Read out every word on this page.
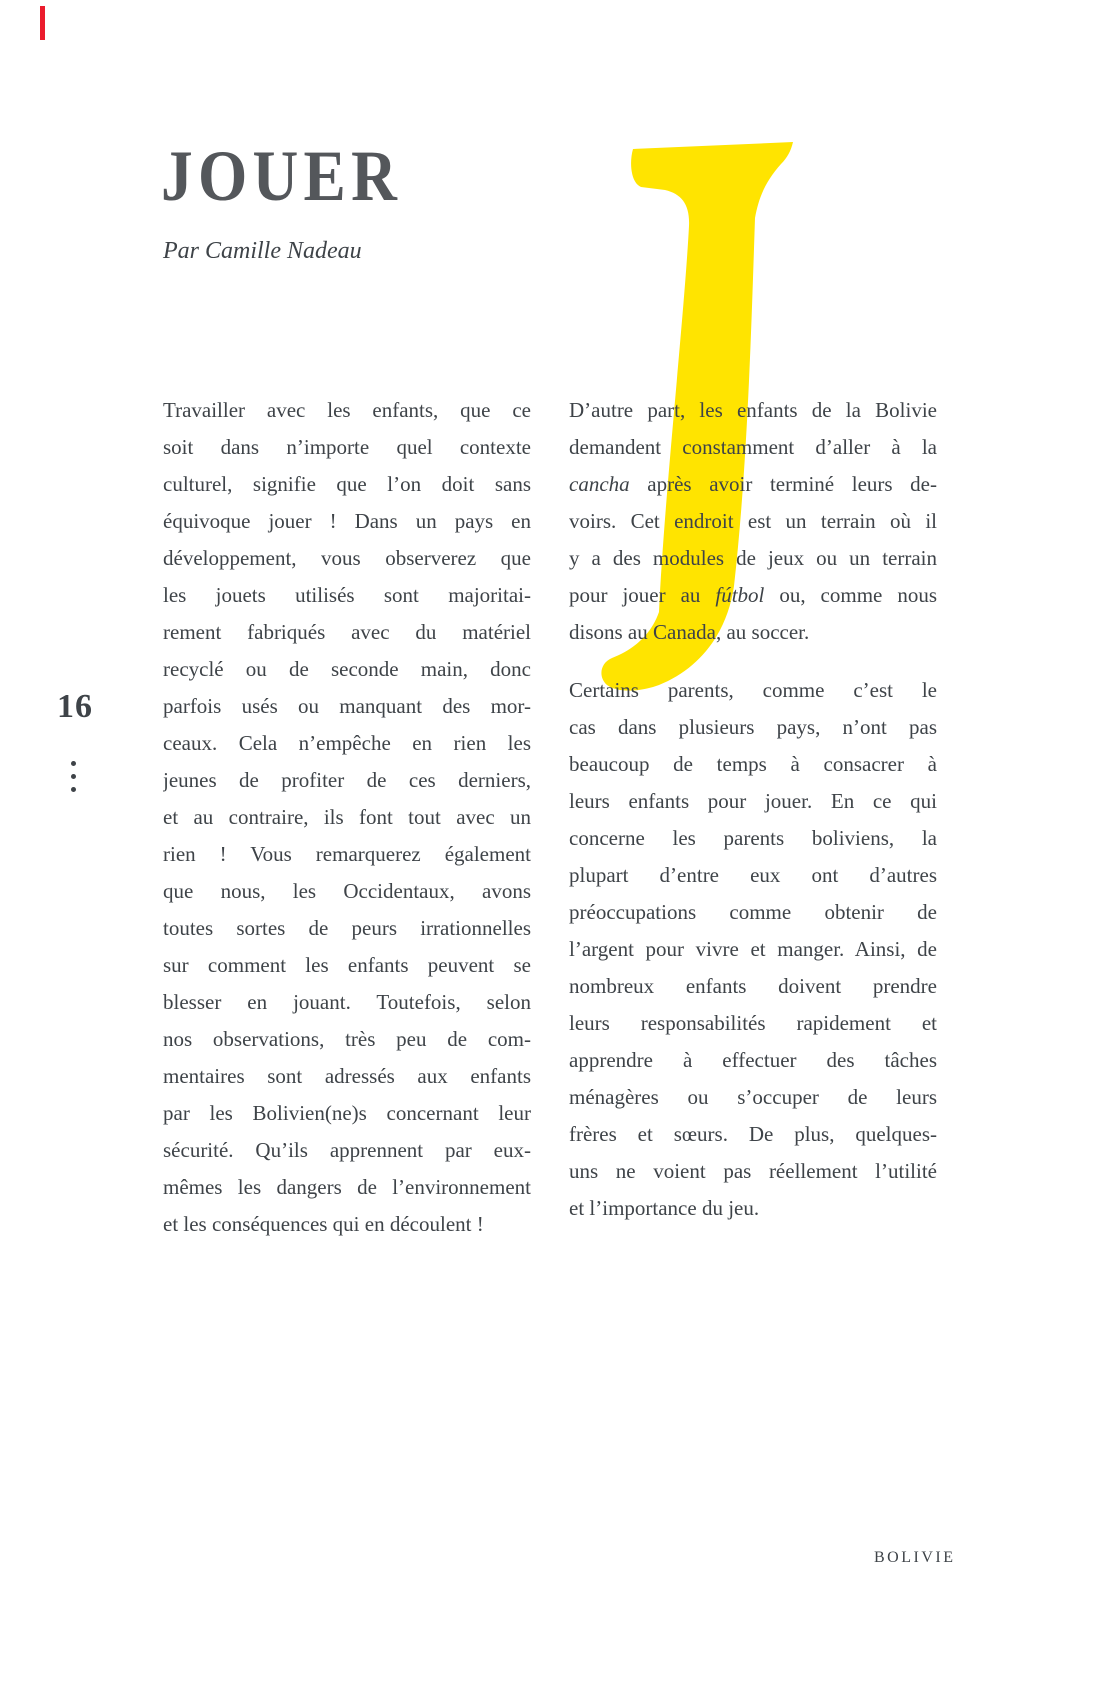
JOUER
Par Camille Nadeau
Travailler avec les enfants, que ce
soit dans n’importe quel contexte
culturel, signifie que l’on doit sans
équivoque jouer ! Dans un pays en
développement, vous observerez que
les jouets utilisés sont majoritai-
rement fabriqués avec du matériel
recyclé ou de seconde main, donc
parfois usés ou manquant des mor-
ceaux. Cela n’empêche en rien les
jeunes de profiter de ces derniers,
et au contraire, ils font tout avec un
rien ! Vous remarquerez également
que nous, les Occidentaux, avons
toutes sortes de peurs irrationnelles
sur comment les enfants peuvent se
blesser en jouant. Toutefois, selon
nos observations, très peu de com-
mentaires sont adressés aux enfants
par les Bolivien(ne)s concernant leur
sécurité. Qu’ils apprennent par eux-
mêmes les dangers de l’environnement
et les conséquences qui en découlent !
D’autre part, les enfants de la Bolivie
demandent constamment d’aller à la
cancha après avoir terminé leurs de-
voirs. Cet endroit est un terrain où il
y a des modules de jeux ou un terrain
pour jouer au fútbol ou, comme nous
disons au Canada, au soccer.
Certains parents, comme c’est le
cas dans plusieurs pays, n’ont pas
beaucoup de temps à consacrer à
leurs enfants pour jouer. En ce qui
concerne les parents boliviens, la
plupart d’entre eux ont d’autres
préoccupations comme obtenir de
l’argent pour vivre et manger. Ainsi, de
nombreux enfants doivent prendre
leurs responsabilités rapidement et
apprendre à effectuer des tâches
ménagères ou s’occuper de leurs
frères et sœurs. De plus, quelques-
uns ne voient pas réellement l’utilité
et l’importance du jeu.
16
BOLIVIE
